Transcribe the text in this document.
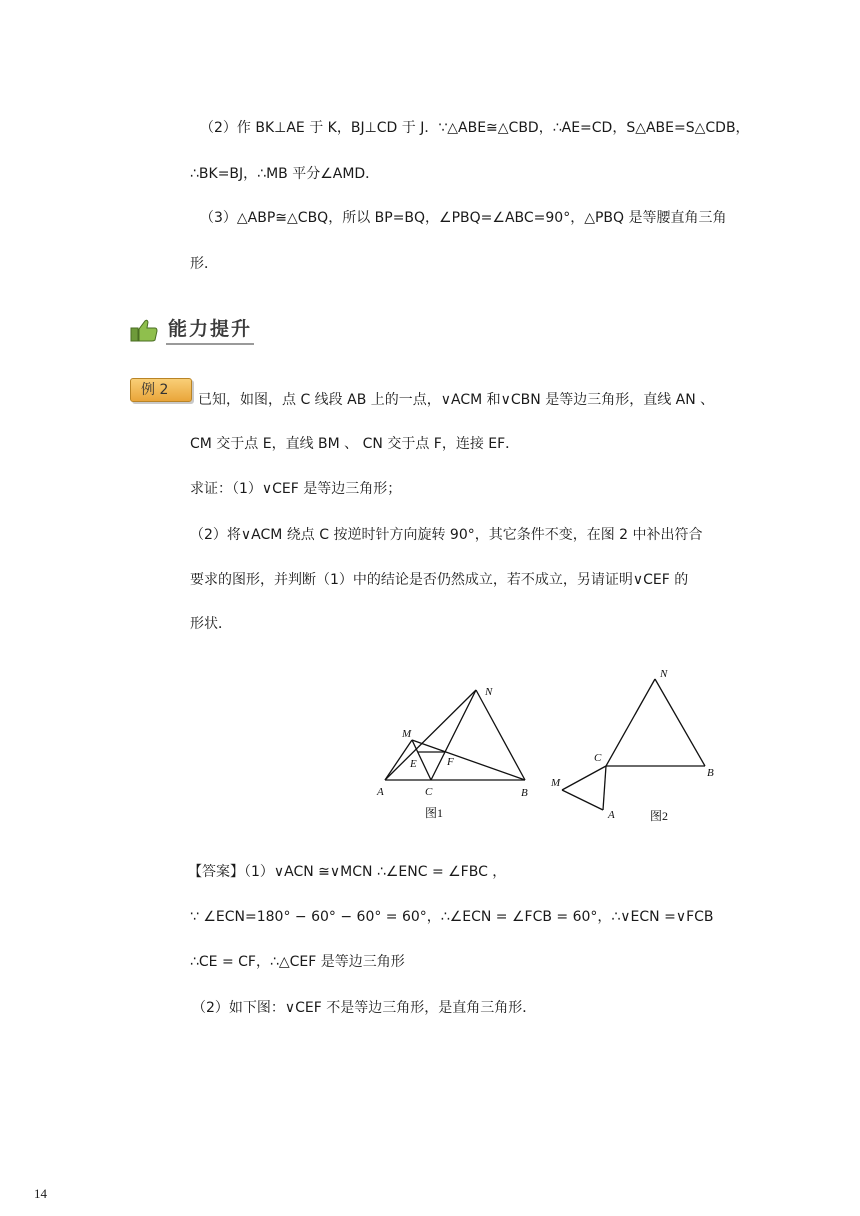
（2）作 BK⊥AE 于 K，BJ⊥CD 于 J．∵△ABE≅△CBD，∴AE=CD，S△ABE=S△CDB，
∴BK=BJ，∴MB 平分∠AMD．
（3）△ABP≅△CBQ，所以 BP=BQ，∠PBQ=∠ABC=90°，△PBQ 是等腰直角三角
形．
能力提升
例 2
已知，如图，点 C 线段 AB 上的一点，∨ACM 和∨CBN 是等边三角形，直线 AN 、
CM 交于点 E，直线 BM 、 CN 交于点 F，连接 EF．
求证：（1）∨CEF 是等边三角形；
（2）将∨ACM 绕点 C 按逆时针方向旋转 90°，其它条件不变，在图 2 中补出符合
要求的图形，并判断（1）中的结论是否仍然成立，若不成立，另请证明∨CEF 的
形状．
N
M
E	F
A	C	B
图1
N
C
B
M
A	图2
【答案】（1）∨ACN ≅∨MCN ∴∠ENC = ∠FBC ，
∵ ∠ECN=180° − 60° − 60° = 60°，∴∠ECN = ∠FCB = 60°，∴∨ECN =∨FCB
∴CE = CF，∴△CEF 是等边三角形
（2）如下图：∨CEF 不是等边三角形，是直角三角形．
14
